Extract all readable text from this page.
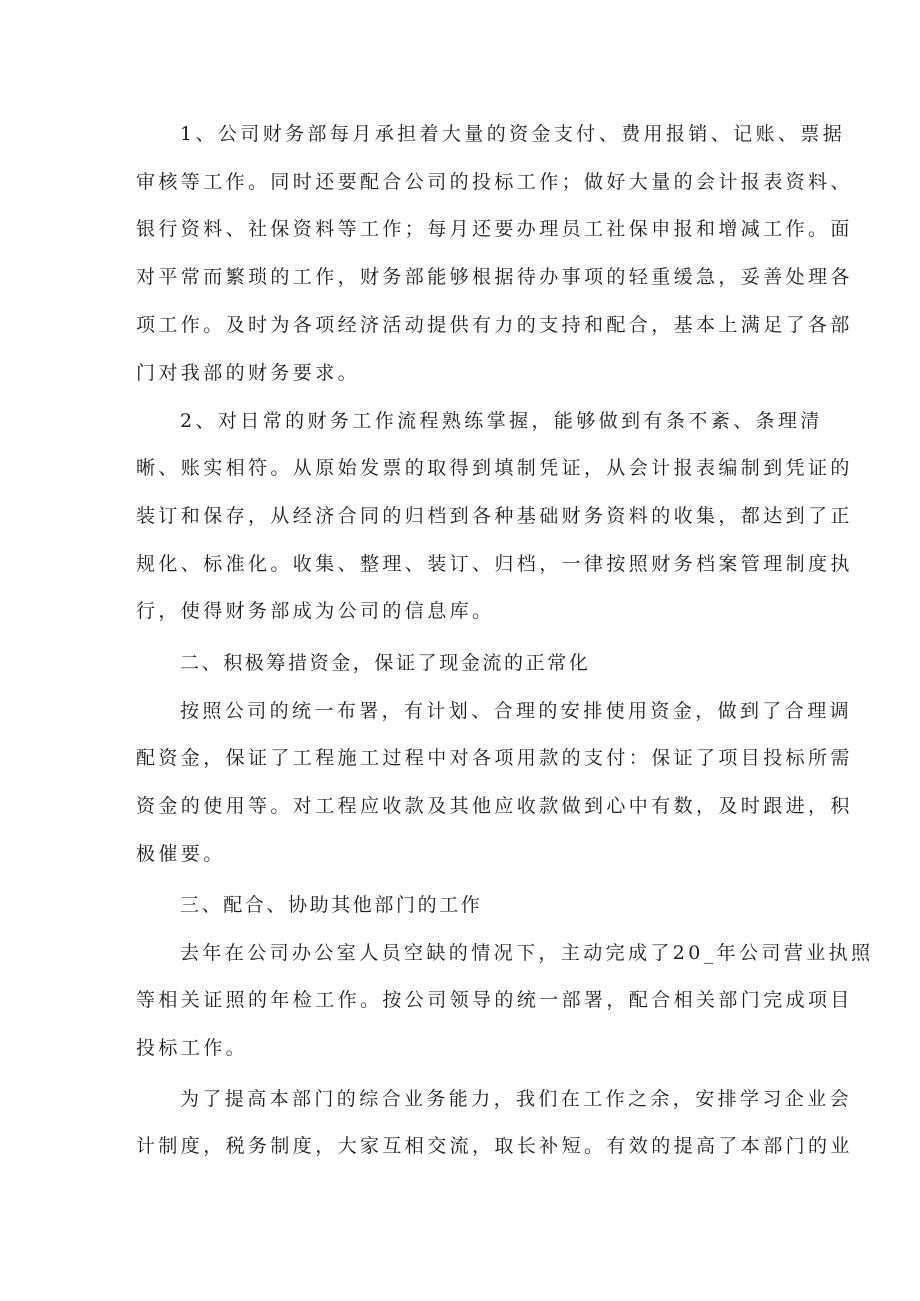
1、公司财务部每月承担着大量的资金支付、费用报销、记账、票据
审核等工作。同时还要配合公司的投标工作；做好大量的会计报表资料、
银行资料、社保资料等工作；每月还要办理员工社保申报和增减工作。面
对平常而繁琐的工作，财务部能够根据待办事项的轻重缓急，妥善处理各
项工作。及时为各项经济活动提供有力的支持和配合，基本上满足了各部
门对我部的财务要求。
2、对日常的财务工作流程熟练掌握，能够做到有条不紊、条理清
晰、账实相符。从原始发票的取得到填制凭证，从会计报表编制到凭证的
装订和保存，从经济合同的归档到各种基础财务资料的收集，都达到了正
规化、标准化。收集、整理、装订、归档，一律按照财务档案管理制度执
行，使得财务部成为公司的信息库。
二、积极筹措资金，保证了现金流的正常化
按照公司的统一布署，有计划、合理的安排使用资金，做到了合理调
配资金，保证了工程施工过程中对各项用款的支付：保证了项目投标所需
资金的使用等。对工程应收款及其他应收款做到心中有数，及时跟进，积
极催要。
三、配合、协助其他部门的工作
去年在公司办公室人员空缺的情况下，主动完成了20_年公司营业执照
等相关证照的年检工作。按公司领导的统一部署，配合相关部门完成项目
投标工作。
为了提高本部门的综合业务能力，我们在工作之余，安排学习企业会
计制度，税务制度，大家互相交流，取长补短。有效的提高了本部门的业
